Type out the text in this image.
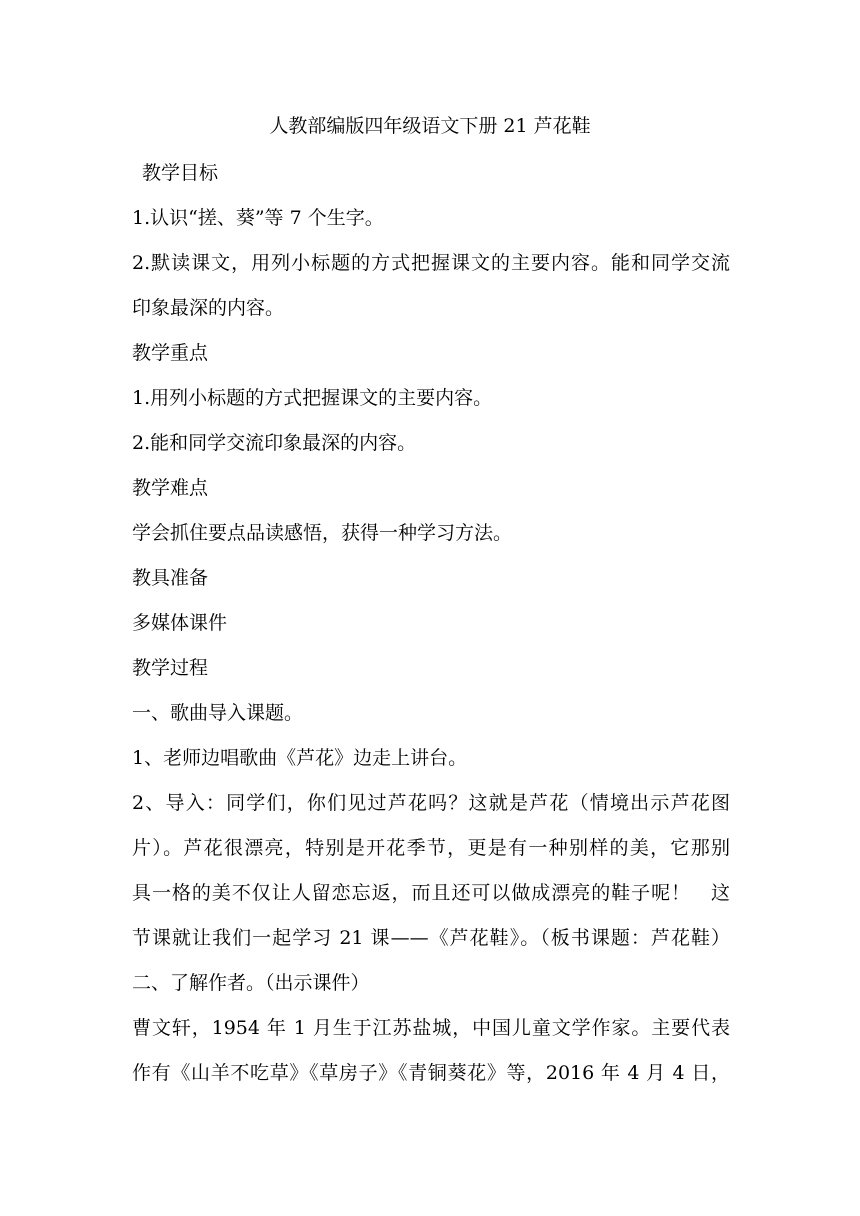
人教部编版四年级语文下册 21 芦花鞋
教学目标
1.认识“搓、葵”等 7 个生字。
2.默读课文，用列小标题的方式把握课文的主要内容。能和同学交流
印象最深的内容。
教学重点
1.用列小标题的方式把握课文的主要内容。
2.能和同学交流印象最深的内容。
教学难点
学会抓住要点品读感悟，获得一种学习方法。
教具准备
多媒体课件
教学过程
一、歌曲导入课题。
1、老师边唱歌曲《芦花》边走上讲台。
2、导入：同学们，你们见过芦花吗？这就是芦花（情境出示芦花图
片）。芦花很漂亮，特别是开花季节，更是有一种别样的美，它那别
具一格的美不仅让人留恋忘返，而且还可以做成漂亮的鞋子呢！　这
节课就让我们一起学习 21 课——《芦花鞋》。（板书课题：芦花鞋）
二、了解作者。（出示课件）
曹文轩，1954 年 1 月生于江苏盐城，中国儿童文学作家。主要代表
作有《山羊不吃草》《草房子》《青铜葵花》等，2016 年 4 月 4 日，
